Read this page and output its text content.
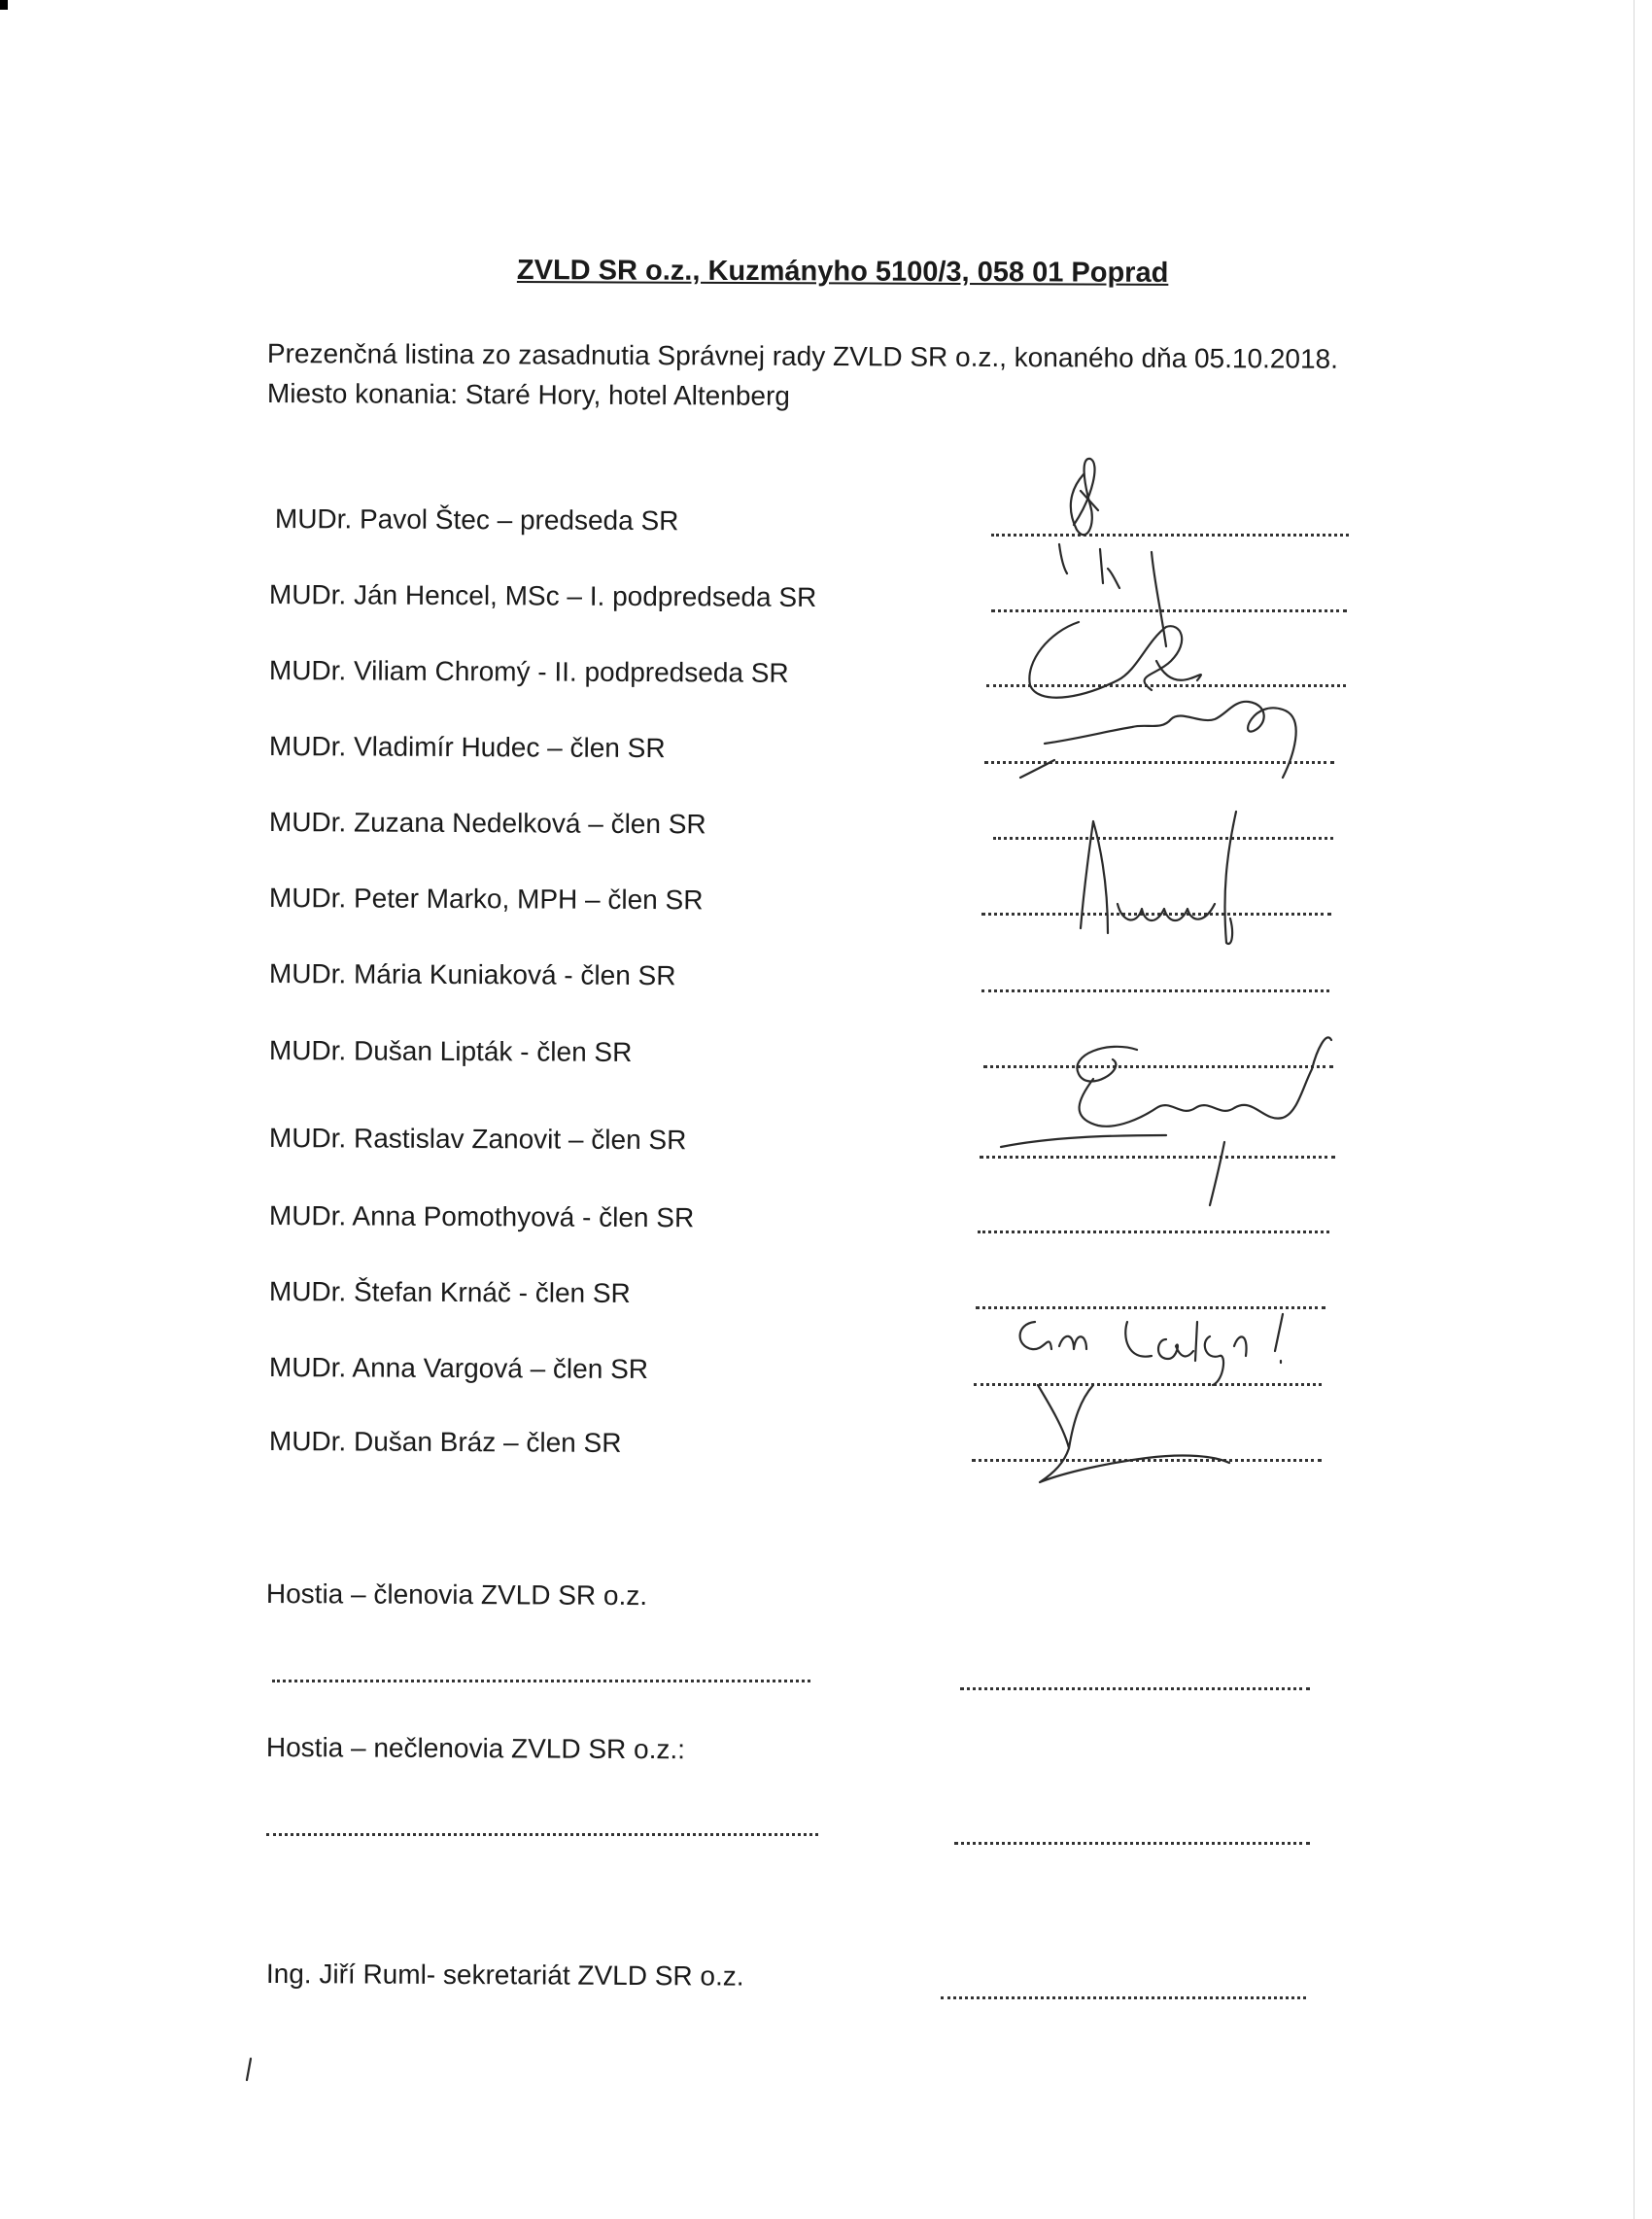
ZVLD SR o.z., Kuzmányho 5100/3, 058 01 Poprad
Prezenčná listina zo zasadnutia Správnej rady ZVLD SR o.z., konaného dňa 05.10.2018.
Miesto konania: Staré Hory, hotel Altenberg
MUDr. Pavol Štec – predseda SR
MUDr. Ján Hencel, MSc – I. podpredseda SR
MUDr. Viliam Chromý - II. podpredseda SR
MUDr. Vladimír Hudec – člen SR
MUDr. Zuzana Nedelková – člen SR
MUDr. Peter Marko, MPH – člen SR
MUDr. Mária Kuniaková - člen SR
MUDr. Dušan Lipták - člen SR
MUDr. Rastislav Zanovit – člen SR
MUDr. Anna Pomothyová - člen SR
MUDr. Štefan Krnáč - člen SR
MUDr. Anna Vargová – člen SR
MUDr. Dušan Bráz – člen SR
Hostia – členovia ZVLD SR o.z.
Hostia – nečlenovia ZVLD SR o.z.:
Ing. Jiří Ruml- sekretariát ZVLD SR o.z.
